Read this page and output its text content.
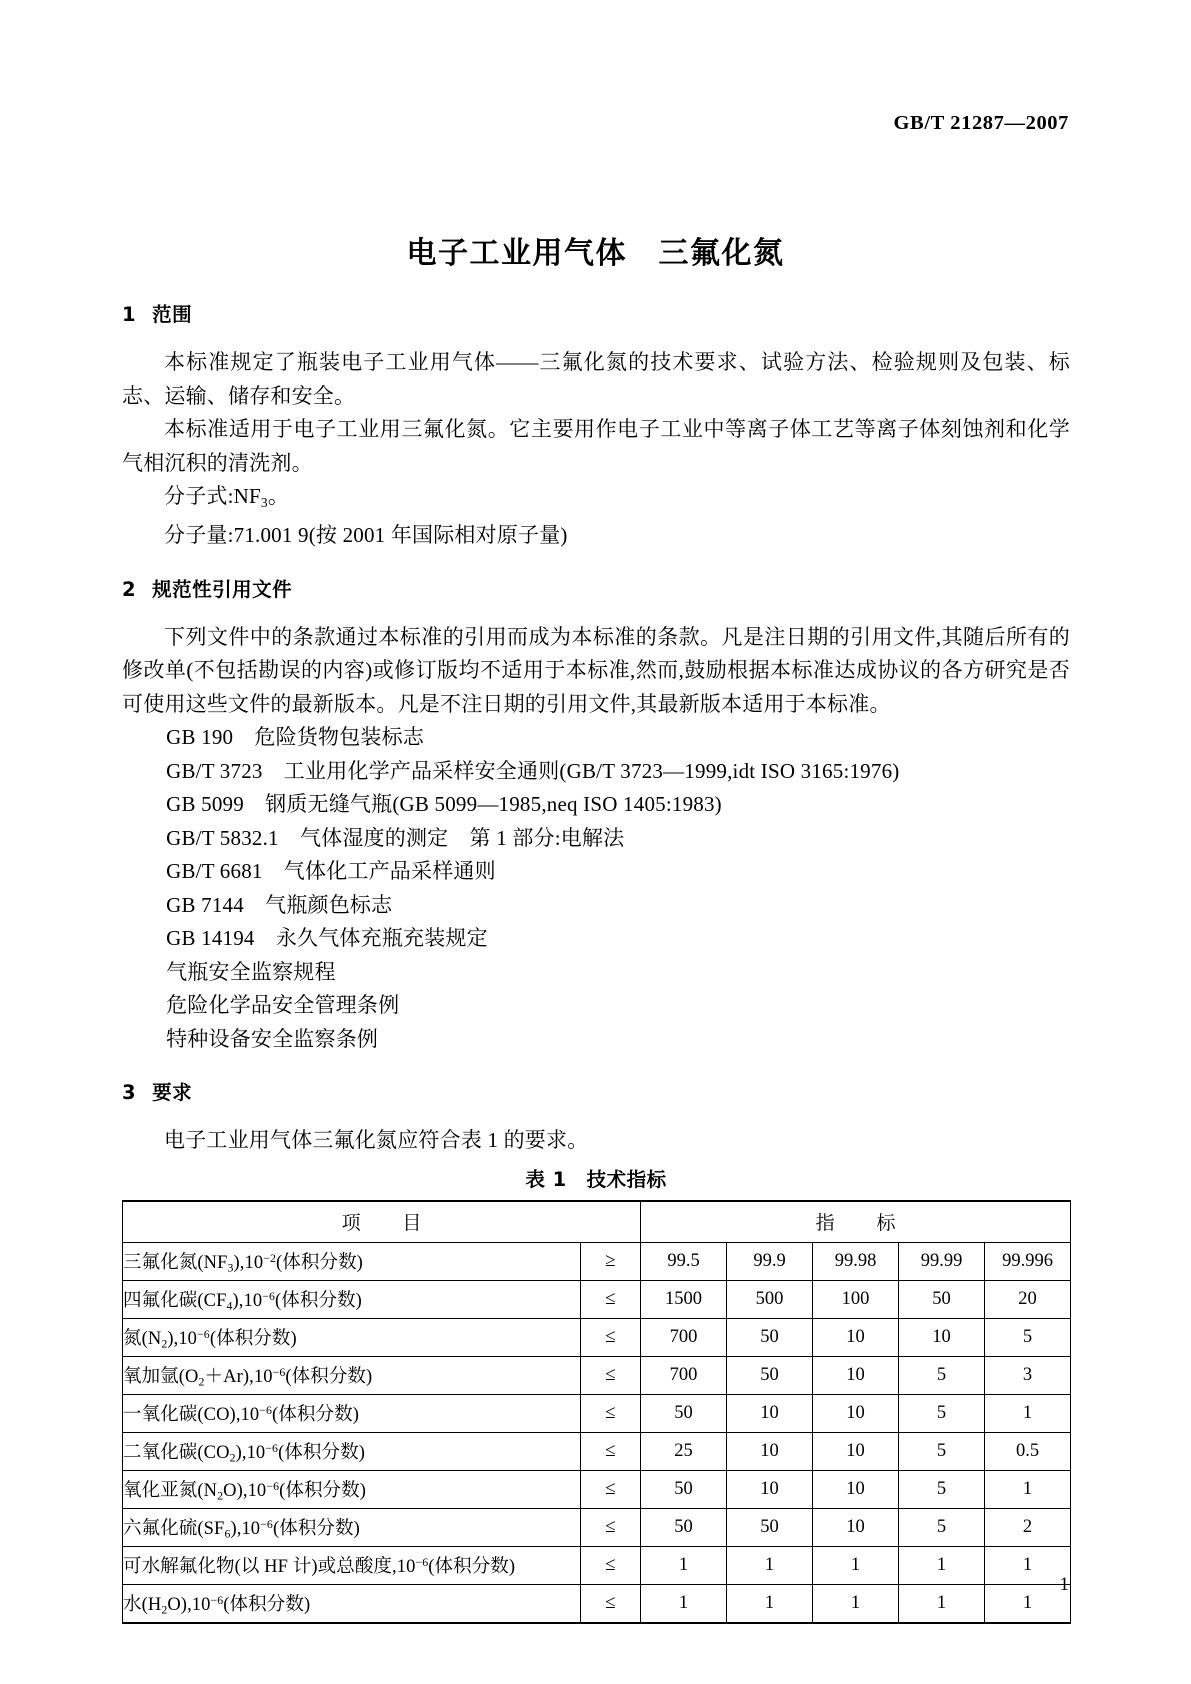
GB/T 21287—2007
电子工业用气体　三氟化氮
1 范围

本标准规定了瓶装电子工业用气体——三氟化氮的技术要求、试验方法、检验规则及包装、标志、运输、储存和安全。

本标准适用于电子工业用三氟化氮。它主要用作电子工业中等离子体工艺等离子体刻蚀剂和化学气相沉积的清洗剂。

分子式$:NF_3$。

分子量:71.001 9(按 2001 年国际相对原子量)

2 规范性引用文件

下列文件中的条款通过本标准的引用而成为本标准的条款。凡是注日期的引用文件,其随后所有的修改单(不包括勘误的内容)或修订版均不适用于本标准,然而,鼓励根据本标准达成协议的各方研究是否可使用这些文件的最新版本。凡是不注日期的引用文件,其最新版本适用于本标准。

GB 190　危险货物包装标志

GB/T 3723　工业用化学产品采样安全通则(GB/T 3723—1999,idt ISO 3165:1976)

GB 5099　钢质无缝气瓶(GB 5099—1985,neq ISO 1405:1983)

GB/T 5832.1　气体湿度的测定　第 1 部分:电解法

GB/T 6681　气体化工产品采样通则

GB 7144　气瓶颜色标志

GB 14194　永久气体充瓶充装规定

气瓶安全监察规程

危险化学品安全管理条例

特种设备安全监察条例

3 要求

电子工业用气体三氟化氮应符合表 1 的要求。

表 1　技术指标
项 目		指 标				
三氟化氮$(NF_3),10^{-2}$(体积分数)	≥	99.5	99.9	99.98	99.99	99.996
四氟化碳$(CF_4),10^{-6}$(体积分数)	≤	1500	500	100	50	20
氮$(N_2),10^{-6}$(体积分数)	≤	700	50	10	10	5
氧加氩$(O_2+Ar),10^{-6}$(体积分数)	≤	700	50	10	5	3
一氧化碳$(CO),10^{-6}$(体积分数)	≤	50	10	10	5	1
二氧化碳$(CO_2),10^{-6}$(体积分数)	≤	25	10	10	5	0.5
氧化亚氮$(N_2O),10^{-6}$(体积分数)	≤	50	10	10	5	1
六氟化硫$(SF_6),10^{-6}$(体积分数)	≤	50	50	10	5	2
可水解氟化物(以 HF 计)或总酸度$,10^{-6}$(体积分数)	≤	1	1	1	1	1
水$(H_2O),10^{-6}$(体积分数)	≤	1	1	1	1	1
1
